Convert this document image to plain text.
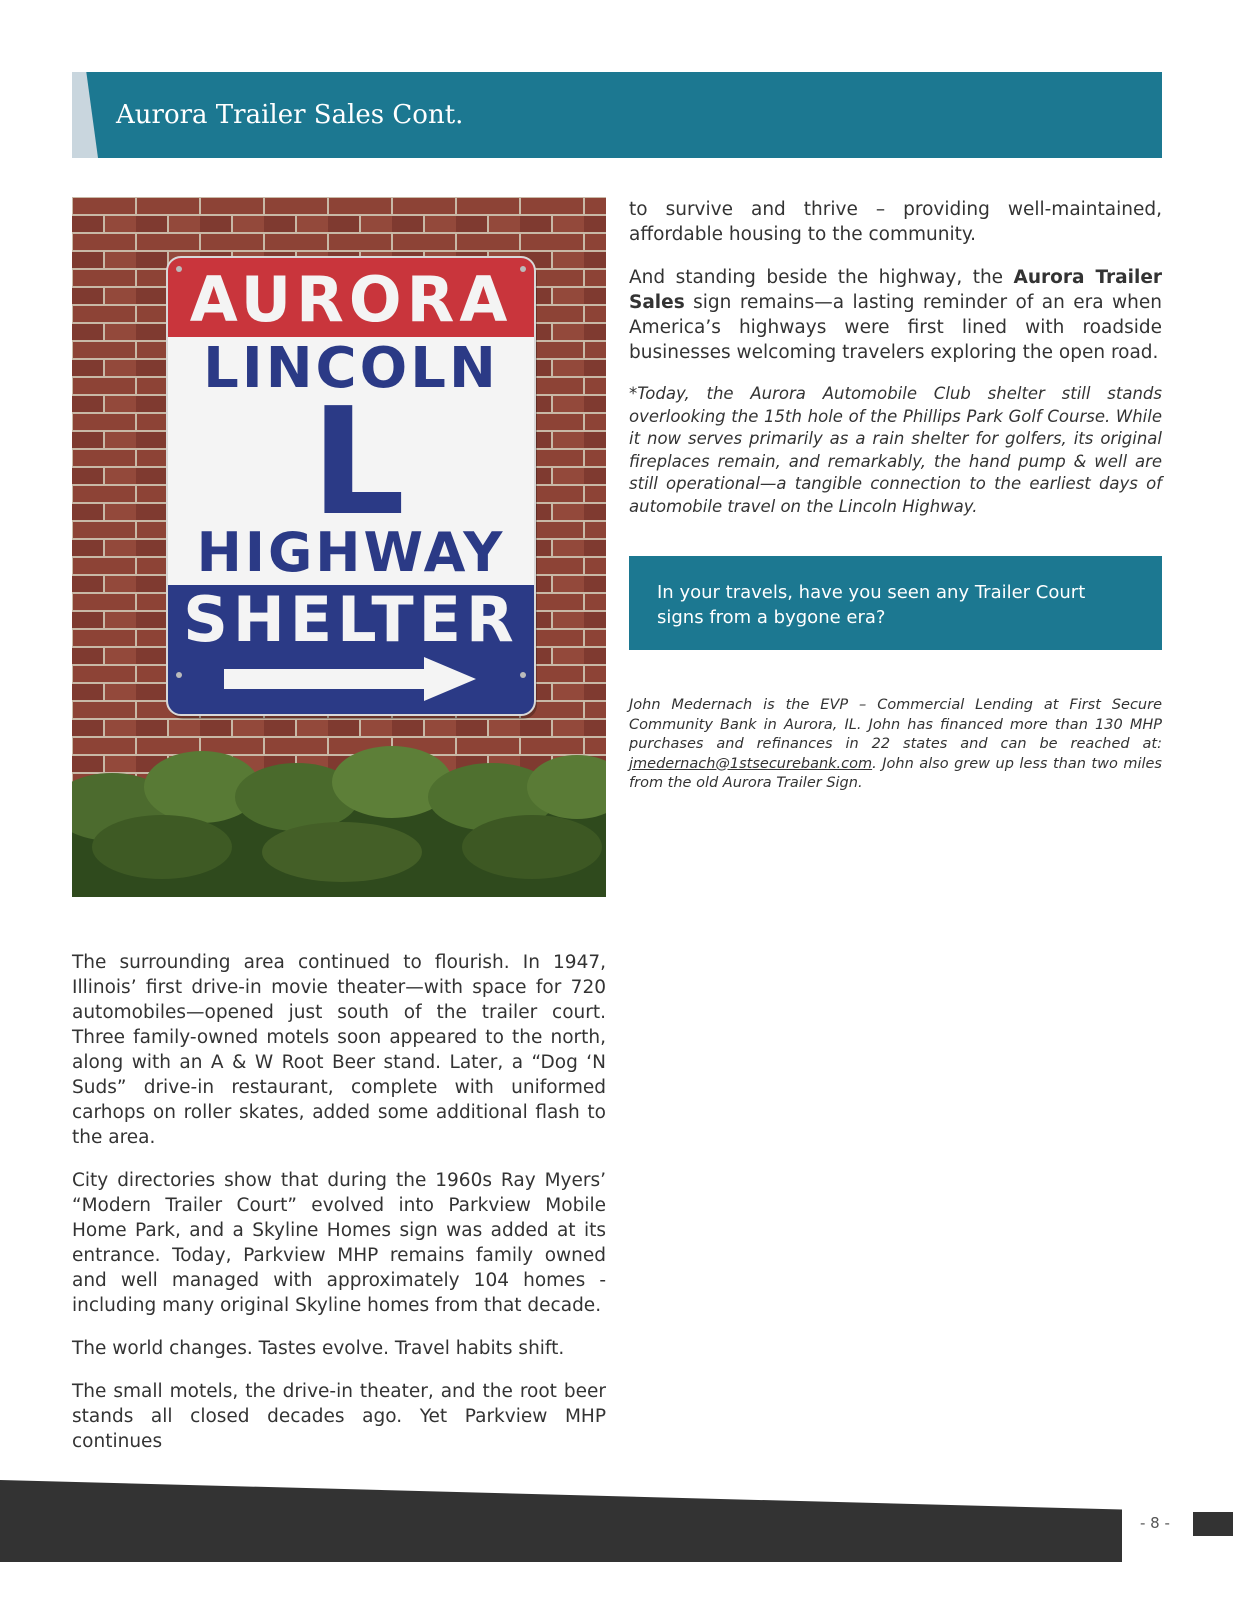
Aurora Trailer Sales Cont.
AURORA
LINCOLN
L
HIGHWAY
SHELTER

to survive and thrive – providing well-maintained, affordable housing to the community.

And standing beside the highway, the Aurora Trailer Sales sign remains—a lasting reminder of an era when America’s highways were first lined with roadside businesses welcoming travelers exploring the open road.

*Today, the Aurora Automobile Club shelter still stands overlooking the 15th hole of the Phillips Park Golf Course. While it now serves primarily as a rain shelter for golfers, its original fireplaces remain, and remarkably, the hand pump & well are still operational—a tangible connection to the earliest days of automobile travel on the Lincoln Highway.

In your travels, have you seen any Trailer Court signs from a bygone era?

John Medernach is the EVP – Commercial Lending at First Secure Community Bank in Aurora, IL. John has financed more than 130 MHP purchases and refinances in 22 states and can be reached at: jmedernach@1stsecurebank.com. John also grew up less than two miles from the old Aurora Trailer Sign.

The surrounding area continued to flourish. In 1947, Illinois’ first drive-in movie theater—with space for 720 automobiles—opened just south of the trailer court. Three family-owned motels soon appeared to the north, along with an A & W Root Beer stand. Later, a “Dog ‘N Suds” drive-in restaurant, complete with uniformed carhops on roller skates, added some additional flash to the area.

City directories show that during the 1960s Ray Myers’ “Modern Trailer Court” evolved into Parkview Mobile Home Park, and a Skyline Homes sign was added at its entrance. Today, Parkview MHP remains family owned and well managed with approximately 104 homes - including many original Skyline homes from that decade.

The world changes. Tastes evolve. Travel habits shift.

The small motels, the drive-in theater, and the root beer stands all closed decades ago. Yet Parkview MHP continues

- 8 -
